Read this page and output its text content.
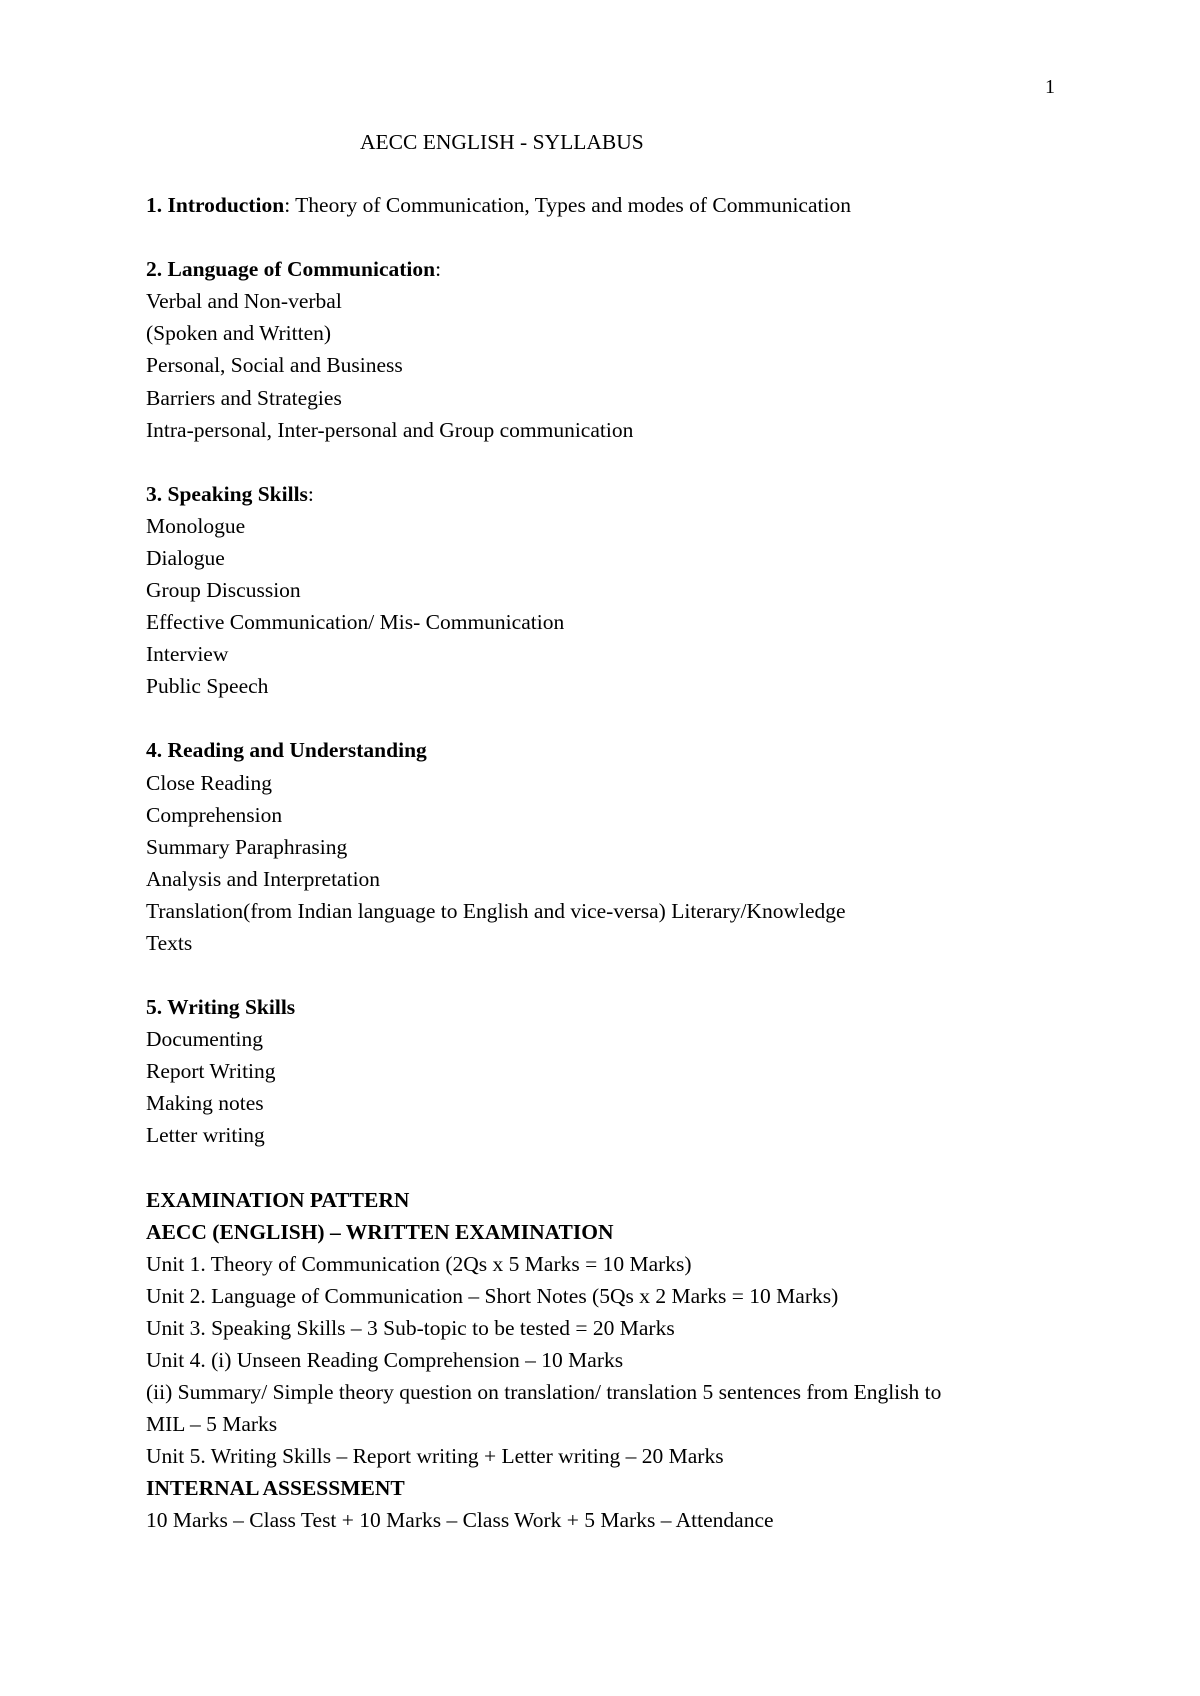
1
AECC ENGLISH - SYLLABUS
1. Introduction: Theory of Communication, Types and modes of Communication
2. Language of Communication:
Verbal and Non-verbal
(Spoken and Written)
Personal, Social and Business
Barriers and Strategies
Intra-personal, Inter-personal and Group communication
3. Speaking Skills:
Monologue
Dialogue
Group Discussion
Effective Communication/ Mis- Communication
Interview
Public Speech
4. Reading and Understanding
Close Reading
Comprehension
Summary Paraphrasing
Analysis and Interpretation
Translation(from Indian language to English and vice-versa) Literary/Knowledge
Texts
5. Writing Skills
Documenting
Report Writing
Making notes
Letter writing
EXAMINATION PATTERN
AECC (ENGLISH) – WRITTEN EXAMINATION
Unit 1. Theory of Communication (2Qs x 5 Marks = 10 Marks)
Unit 2. Language of Communication – Short Notes (5Qs x 2 Marks = 10 Marks)
Unit 3. Speaking Skills – 3 Sub-topic to be tested = 20 Marks
Unit 4. (i) Unseen Reading Comprehension – 10 Marks
(ii) Summary/ Simple theory question on translation/ translation 5 sentences from English to
MIL – 5 Marks
Unit 5. Writing Skills – Report writing + Letter writing – 20 Marks
INTERNAL ASSESSMENT
10 Marks – Class Test + 10 Marks – Class Work + 5 Marks – Attendance
